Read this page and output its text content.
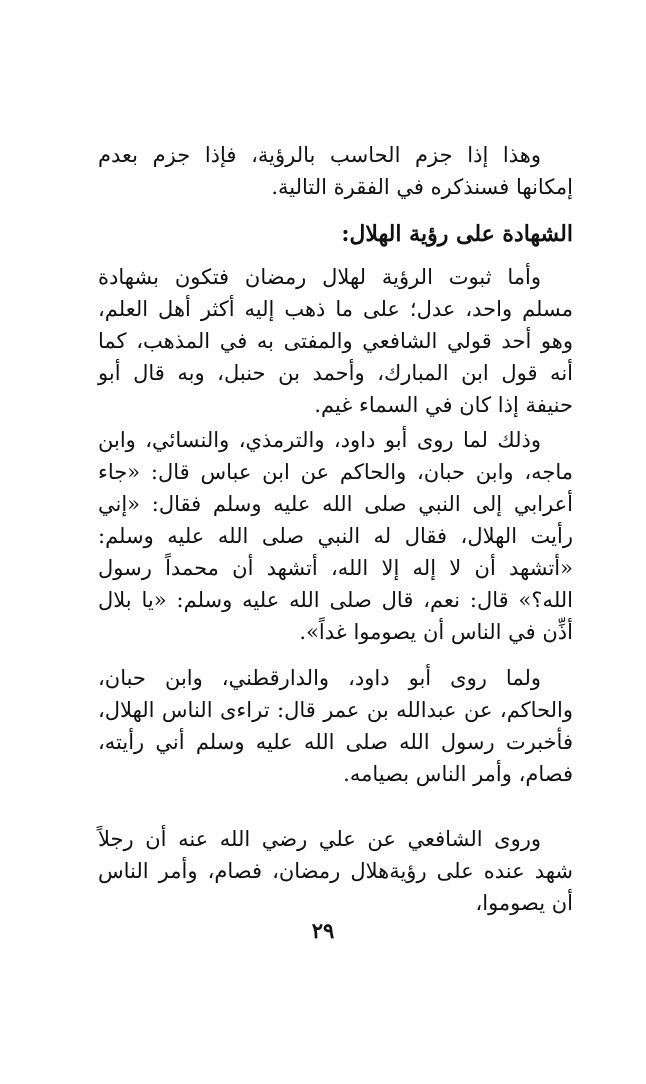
وهذا إذا جزم الحاسب بالرؤية، فإذا جزم بعدم إمكانها فسنذكره في الفقرة التالية.

الشهادة على رؤية الهلال:

وأما ثبوت الرؤية لهلال رمضان فتكون بشهادة مسلم واحد، عدل؛ على ما ذهب إليه أكثر أهل العلم، وهو أحد قولي الشافعي والمفتى به في المذهب، كما أنه قول ابن المبارك، وأحمد بن حنبل، وبه قال أبو حنيفة إذا كان في السماء غيم.

وذلك لما روى أبو داود، والترمذي، والنسائي، وابن ماجه، وابن حبان، والحاكم عن ابن عباس قال: «جاء أعرابي إلى النبي صلى الله عليه وسلم فقال: «إني رأيت الهلال، فقال له النبي صلى الله عليه وسلم: «أتشهد أن لا إله إلا الله، أتشهد أن محمداً رسول الله؟» قال: نعم، قال صلى الله عليه وسلم: «يا بلال أذِّن في الناس أن يصوموا غداً».

ولما روى أبو داود، والدارقطني، وابن حبان، والحاكم، عن عبدالله بن عمر قال: تراءى الناس الهلال، فأخبرت رسول الله صلى الله عليه وسلم أني رأيته، فصام، وأمر الناس بصيامه.

وروى الشافعي عن علي رضي الله عنه أن رجلاً شهد عنده على رؤيةهلال رمضان، فصام، وأمر الناس أن يصوموا،

٢٩
